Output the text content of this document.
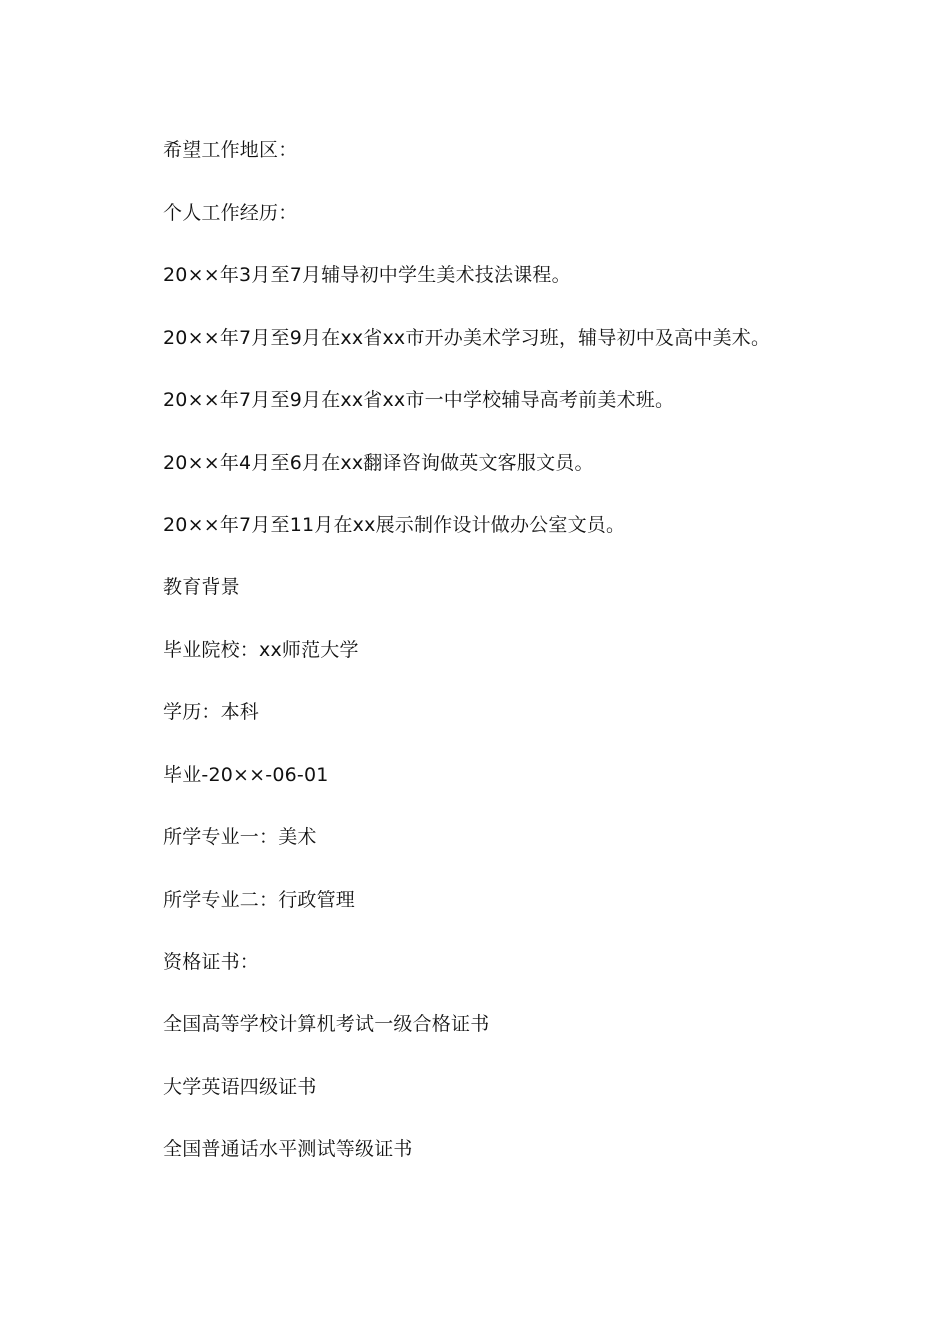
希望工作地区：
个人工作经历：
20××年3月至7月辅导初中学生美术技法课程。
20××年7月至9月在xx省xx市开办美术学习班，辅导初中及高中美术。
20××年7月至9月在xx省xx市一中学校辅导高考前美术班。
20××年4月至6月在xx翻译咨询做英文客服文员。
20××年7月至11月在xx展示制作设计做办公室文员。
教育背景
毕业院校：xx师范大学
学历：本科
毕业-20××-06-01
所学专业一：美术
所学专业二：行政管理
资格证书：
全国高等学校计算机考试一级合格证书
大学英语四级证书
全国普通话水平测试等级证书
